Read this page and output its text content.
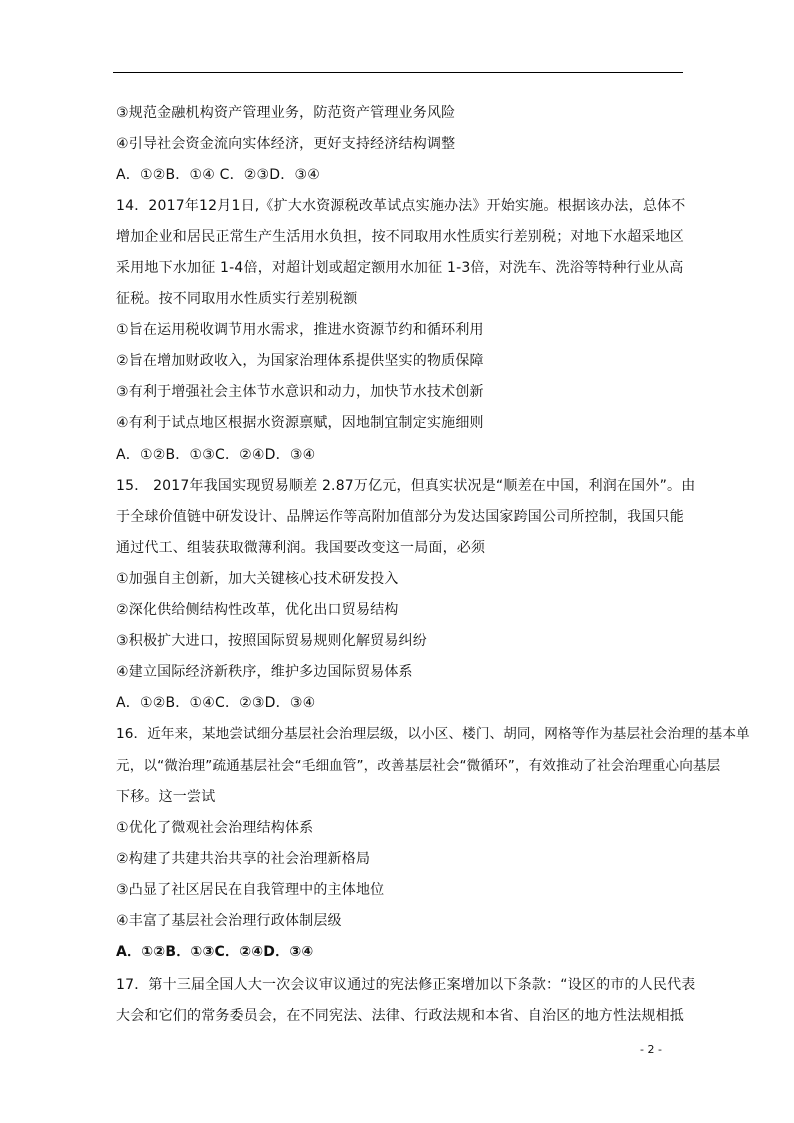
③规范金融机构资产管理业务，防范资产管理业务风险
④引导社会资金流向实体经济，更好支持经济结构调整
A．①②B．①④ C．②③D．③④
14．2017年12月1日,《扩大水资源税改革试点实施办法》开始实施。根据该办法，总体不
增加企业和居民正常生产生活用水负担，按不同取用水性质实行差别税；对地下水超采地区
采用地下水加征 1-4倍，对超计划或超定额用水加征 1-3倍，对洗车、洗浴等特种行业从高
征税。按不同取用水性质实行差别税额
①旨在运用税收调节用水需求，推进水资源节约和循环利用
②旨在增加财政收入，为国家治理体系提供坚实的物质保障
③有利于增强社会主体节水意识和动力，加快节水技术创新
④有利于试点地区根据水资源禀赋，因地制宜制定实施细则
A．①②B．①③C．②④D．③④
15． 2017年我国实现贸易顺差 2.87万亿元，但真实状况是“顺差在中国，利润在国外”。由
于全球价值链中研发设计、品牌运作等高附加值部分为发达国家跨国公司所控制，我国只能
通过代工、组装获取微薄利润。我国要改变这一局面，必须
①加强自主创新，加大关键核心技术研发投入
②深化供给侧结构性改革，优化出口贸易结构
③积极扩大进口，按照国际贸易规则化解贸易纠纷
④建立国际经济新秩序，维护多边国际贸易体系
A．①②B．①④C．②③D．③④
16．近年来，某地尝试细分基层社会治理层级，以小区、楼门、胡同，网格等作为基层社会治理的基本单
元，以“微治理”疏通基层社会“毛细血管”，改善基层社会“微循环”，有效推动了社会治理重心向基层
下移。这一尝试
①优化了微观社会治理结构体系
②构建了共建共治共享的社会治理新格局
③凸显了社区居民在自我管理中的主体地位
④丰富了基层社会治理行政体制层级
A．①②B．①③C．②④D．③④
17．第十三届全国人大一次会议审议通过的宪法修正案增加以下条款：“设区的市的人民代表
大会和它们的常务委员会，在不同宪法、法律、行政法规和本省、自治区的地方性法规相抵
- 2 -
